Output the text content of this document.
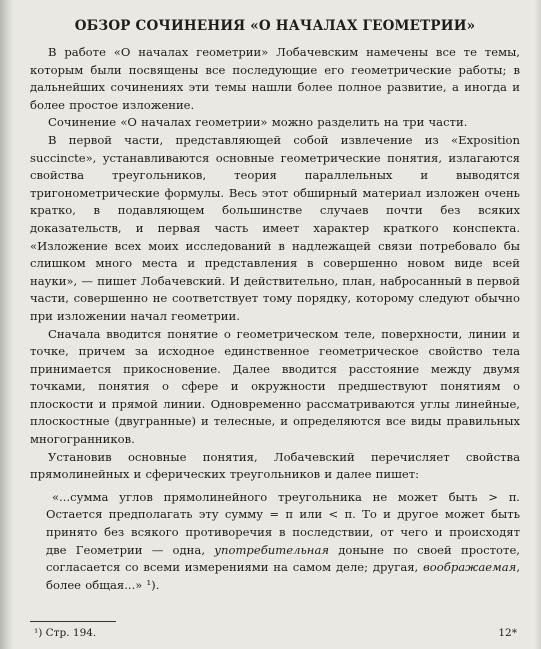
ОБЗОР СОЧИНЕНИЯ «О НАЧАЛАХ ГЕОМЕТРИИ»

В работе «О началах геометрии» Лобачевским намечены все те темы, которым были посвящены все последующие его геометрические работы; в дальнейших сочинениях эти темы нашли более полное развитие, а иногда и более простое изложение.

Сочинение «О началах геометрии» можно разделить на три части.

В первой части, представляющей собой извлечение из «Exposition succincte», устанавливаются основные геометрические понятия, излагаются свойства треугольников, теория параллельных и выводятся тригонометрические формулы. Весь этот обширный материал изложен очень кратко, в подавляющем большинстве случаев почти без всяких доказательств, и первая часть имеет характер краткого конспекта. «Изложение всех моих исследований в надлежащей связи потребовало бы слишком много места и представления в совершенно новом виде всей науки», — пишет Лобачевский. И действительно, план, набросанный в первой части, совершенно не соответствует тому порядку, которому следуют обычно при изложении начал геометрии.

Сначала вводится понятие о геометрическом теле, поверхности, линии и точке, причем за исходное единственное геометрическое свойство тела принимается прикосновение. Далее вводится расстояние между двумя точками, понятия о сфере и окружности предшествуют понятиям о плоскости и прямой линии. Одновременно рассматриваются углы линейные, плоскостные (двугранные) и телесные, и определяются все виды правильных многогранников.

Установив основные понятия, Лобачевский перечисляет свойства прямолинейных и сферических треугольников и далее пишет:

«...сумма углов прямолинейного треугольника не может быть > π. Остается предполагать эту сумму = π или < π. То и другое может быть принято без всякого противоречия в последствии, от чего и происходят две Геометрии — одна, употребительная доныне по своей простоте, согласается со всеми измерениями на самом деле; другая, воображаемая, более общая...» ¹).

¹) Стр. 194.	12*
